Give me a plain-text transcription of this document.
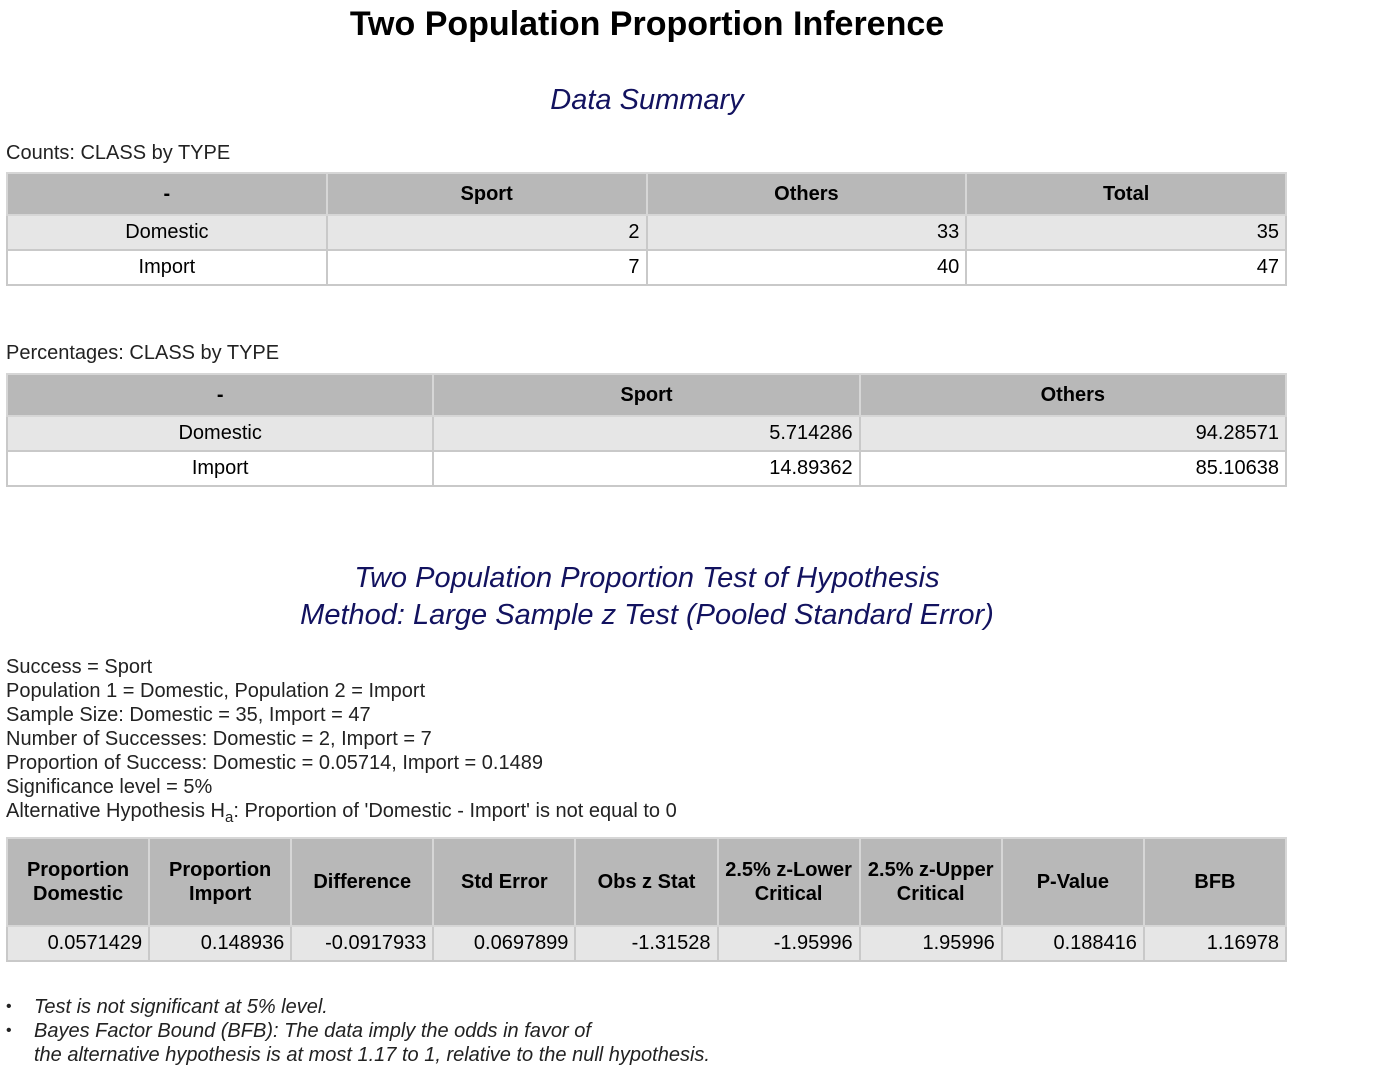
Two Population Proportion Inference
Data Summary
Counts: CLASS by TYPE
-	Sport	Others	Total
Domestic	2	33	35
Import	7	40	47
Percentages: CLASS by TYPE
-	Sport	Others
Domestic	5.714286	94.28571
Import	14.89362	85.10638
Two Population Proportion Test of Hypothesis
Method: Large Sample z Test (Pooled Standard Error)
Success = Sport
Population 1 = Domestic, Population 2 = Import
Sample Size: Domestic = 35, Import = 47
Number of Successes: Domestic = 2, Import = 7
Proportion of Success: Domestic = 0.05714, Import = 0.1489
Significance level = 5%
Alternative Hypothesis $H_a$: Proportion of 'Domestic - Import' is not equal to 0
Proportion Domestic	Proportion Import	Difference	Std Error	Obs z Stat	2.5% z-Lower Critical	2.5% z-Upper Critical	P-Value	BFB
0.0571429	0.148936	-0.0917933	0.0697899	-1.31528	-1.95996	1.95996	0.188416	1.16978
• Test is not significant at 5% level.
• Bayes Factor Bound (BFB): The data imply the odds in favor of
the alternative hypothesis is at most 1.17 to 1, relative to the null hypothesis.
